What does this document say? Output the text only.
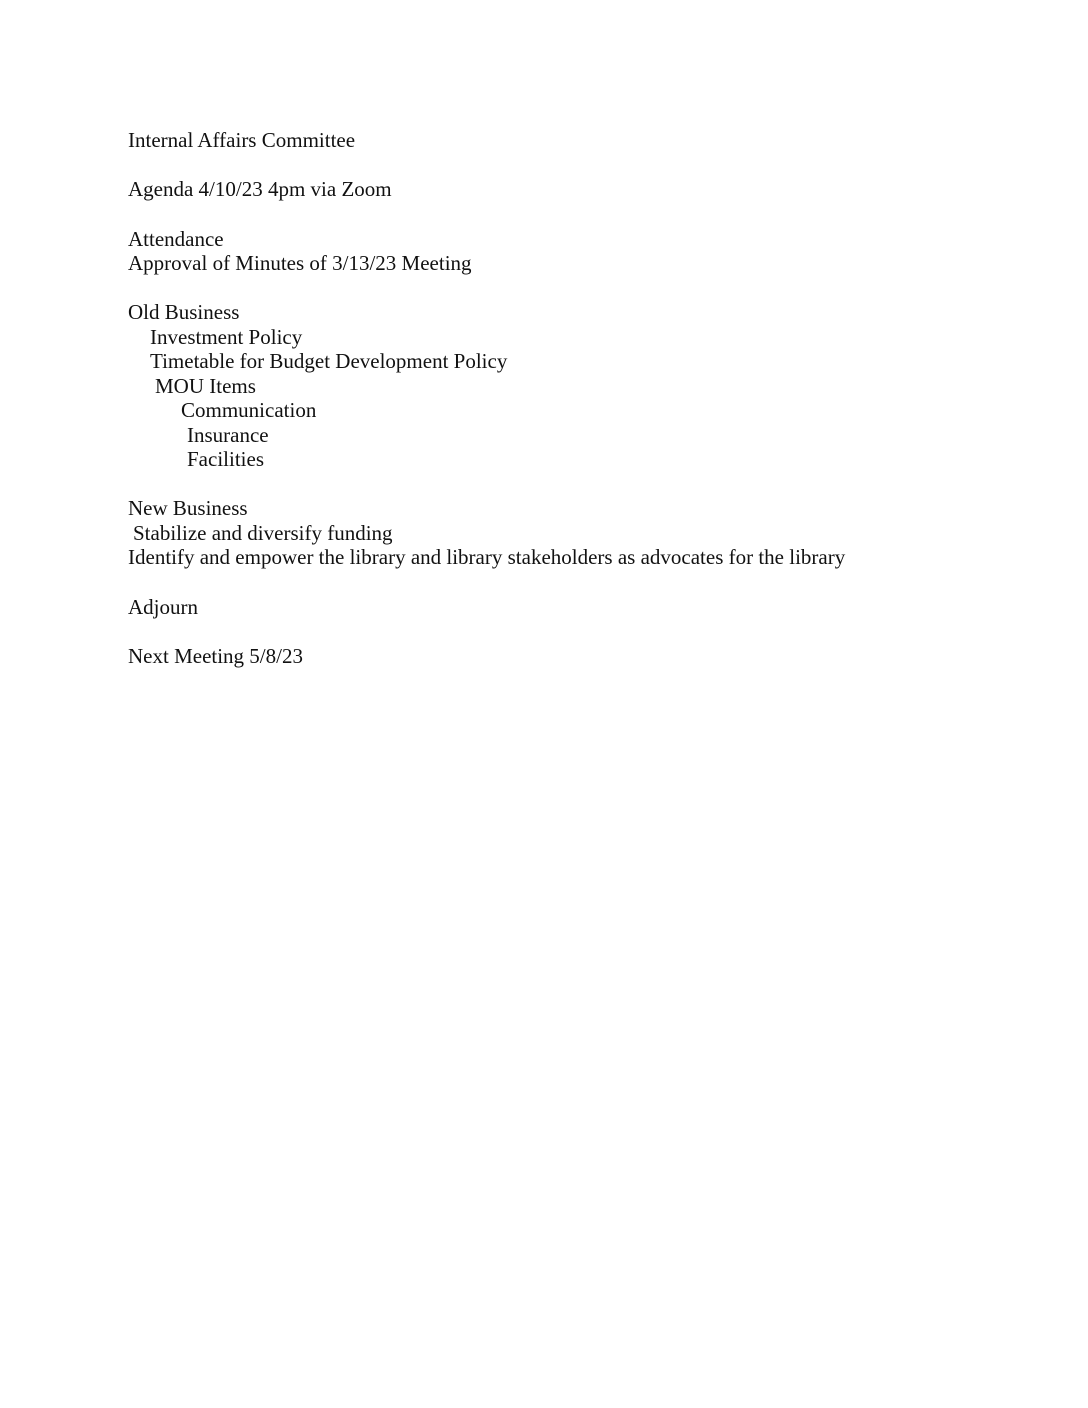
Internal Affairs Committee
Agenda 4/10/23 4pm via Zoom
Attendance
Approval of Minutes of 3/13/23 Meeting
Old Business
Investment Policy
Timetable for Budget Development Policy
MOU Items
Communication
Insurance
Facilities
New Business
Stabilize and diversify funding
Identify and empower the library and library stakeholders as advocates for the library
Adjourn
Next Meeting 5/8/23
